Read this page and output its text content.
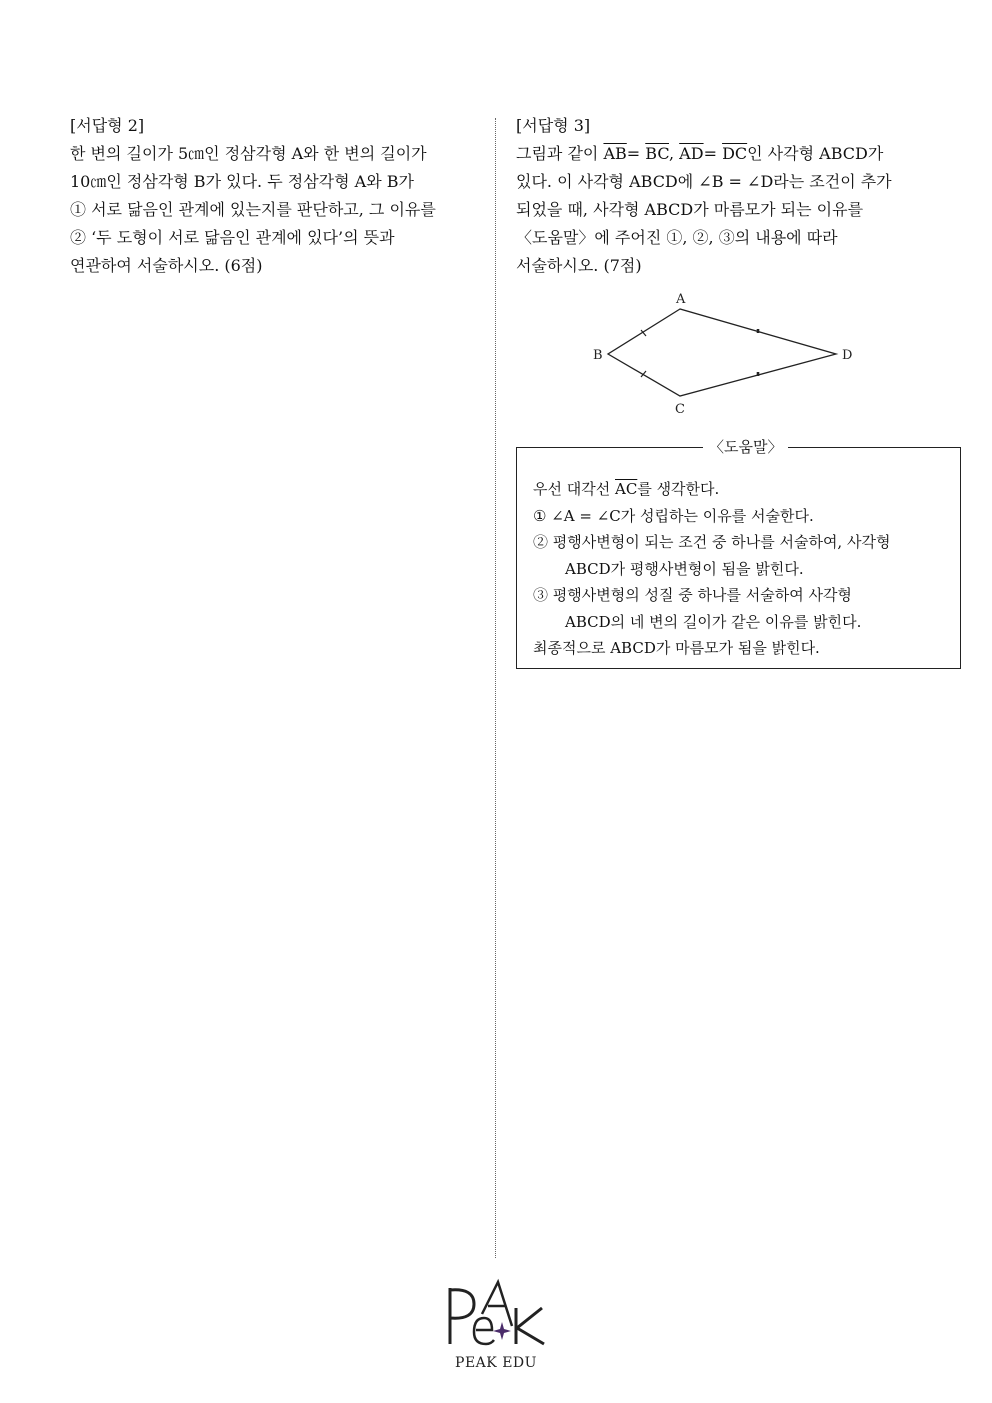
[서답형 2]
한 변의 길이가 5㎝인 정삼각형 A와 한 변의 길이가
10㎝인 정삼각형 B가 있다. 두 정삼각형 A와 B가
① 서로 닮음인 관계에 있는지를 판단하고, 그 이유를
② ‘두 도형이 서로 닮음인 관계에 있다’의 뜻과
연관하여 서술하시오. (6점)
[서답형 3]
그림과 같이 $\overline{AB}= \overline{BC}$, $\overline{AD}= \overline{DC}$인 사각형 ABCD가
있다. 이 사각형 ABCD에 ∠B = ∠D라는 조건이 추가
되었을 때, 사각형 ABCD가 마름모가 되는 이유를
〈도움말〉에 주어진 ①, ②, ③의 내용에 따라
서술하시오. (7점)
A
B
C
D
〈도움말〉
우선 대각선 $\overline{AC}$를 생각한다.
① ∠A = ∠C가 성립하는 이유를 서술한다.
② 평행사변형이 되는 조건 중 하나를 서술하여, 사각형
ABCD가 평행사변형이 됨을 밝힌다.
③ 평행사변형의 성질 중 하나를 서술하여 사각형
ABCD의 네 변의 길이가 같은 이유를 밝힌다.
최종적으로 ABCD가 마름모가 됨을 밝힌다.
PEAK EDU
